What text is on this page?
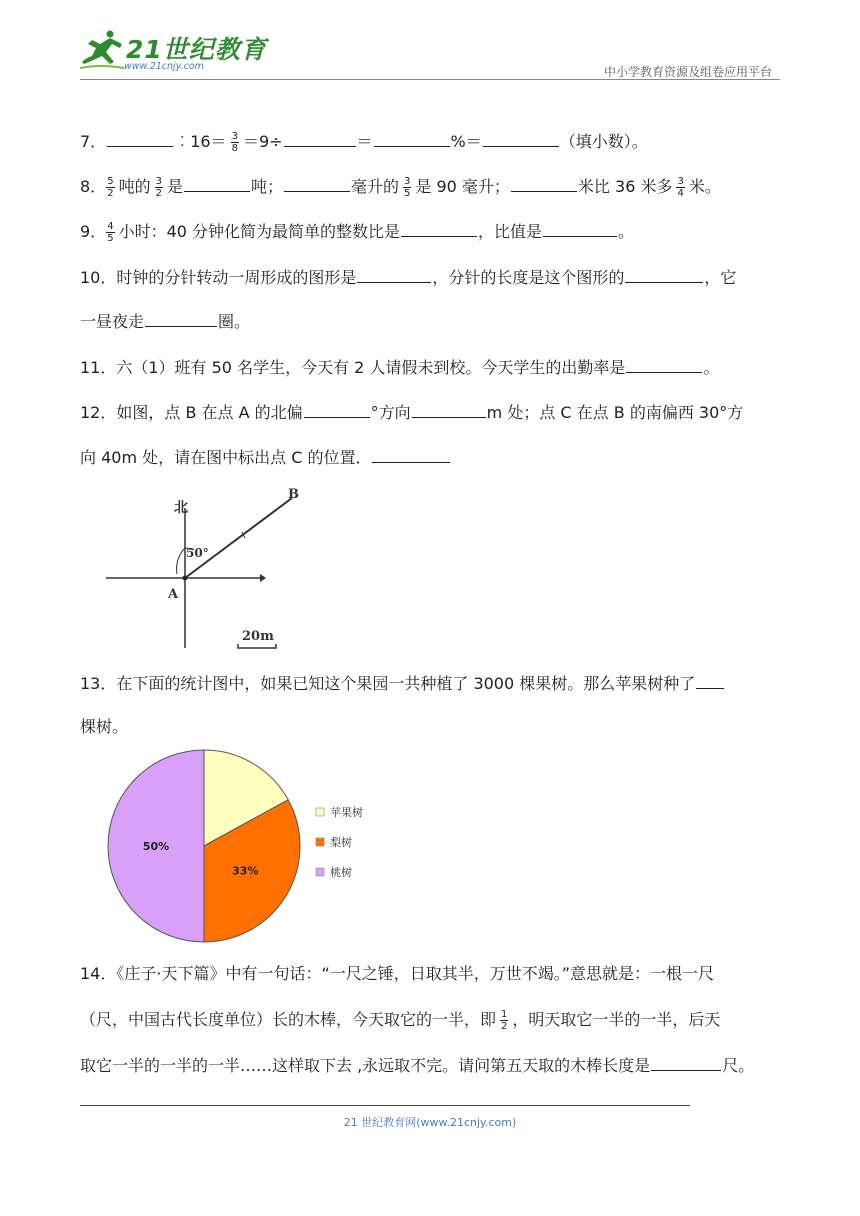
21世纪教育
www.21cnjy.com	中小学教育资源及组卷应用平台
7．	︰16＝ $\frac{3}{8} =9\div$	＝	%＝	（填小数）。
8． $\frac{5}{2}$ 吨的 $\frac{3}{2}$ 是	吨；	毫升的 $\frac{3}{5}$ 是 90 毫升；	米比 36 米多 $\frac{3}{4}$ 米。
9． $\frac{4}{5}$ 小时：40 分钟化简为最简单的整数比是	，比值是	。
10．时钟的分针转动一周形成的图形是	，分针的长度是这个图形的	，它
一昼夜走	圈。
11．六（1）班有 50 名学生，今天有 2 人请假未到校。今天学生的出勤率是	。
12．如图，点 B 在点 A 的北偏	°方向	m 处；点 C 在点 B 的南偏西 30°方
向 40m 处，请在图中标出点 C 的位置．
北
50°
A
B
20m
13．在下面的统计图中，如果已知这个果园一共种植了 3000 棵果树。那么苹果树种了
棵树。
33%
50%
苹果树
梨树
桃树
14．《庄子·天下篇》中有一句话：“一尺之锤，日取其半，万世不竭。”意思就是：一根一尺
（尺，中国古代长度单位）长的木棒，今天取它的一半，即 $\frac{1}{2}$ ，明天取它一半的一半，后天
取它一半的一半的一半……这样取下去 ,永远取不完。请问第五天取的木棒长度是	尺。
21 世纪教育网(www.21cnjy.com)
